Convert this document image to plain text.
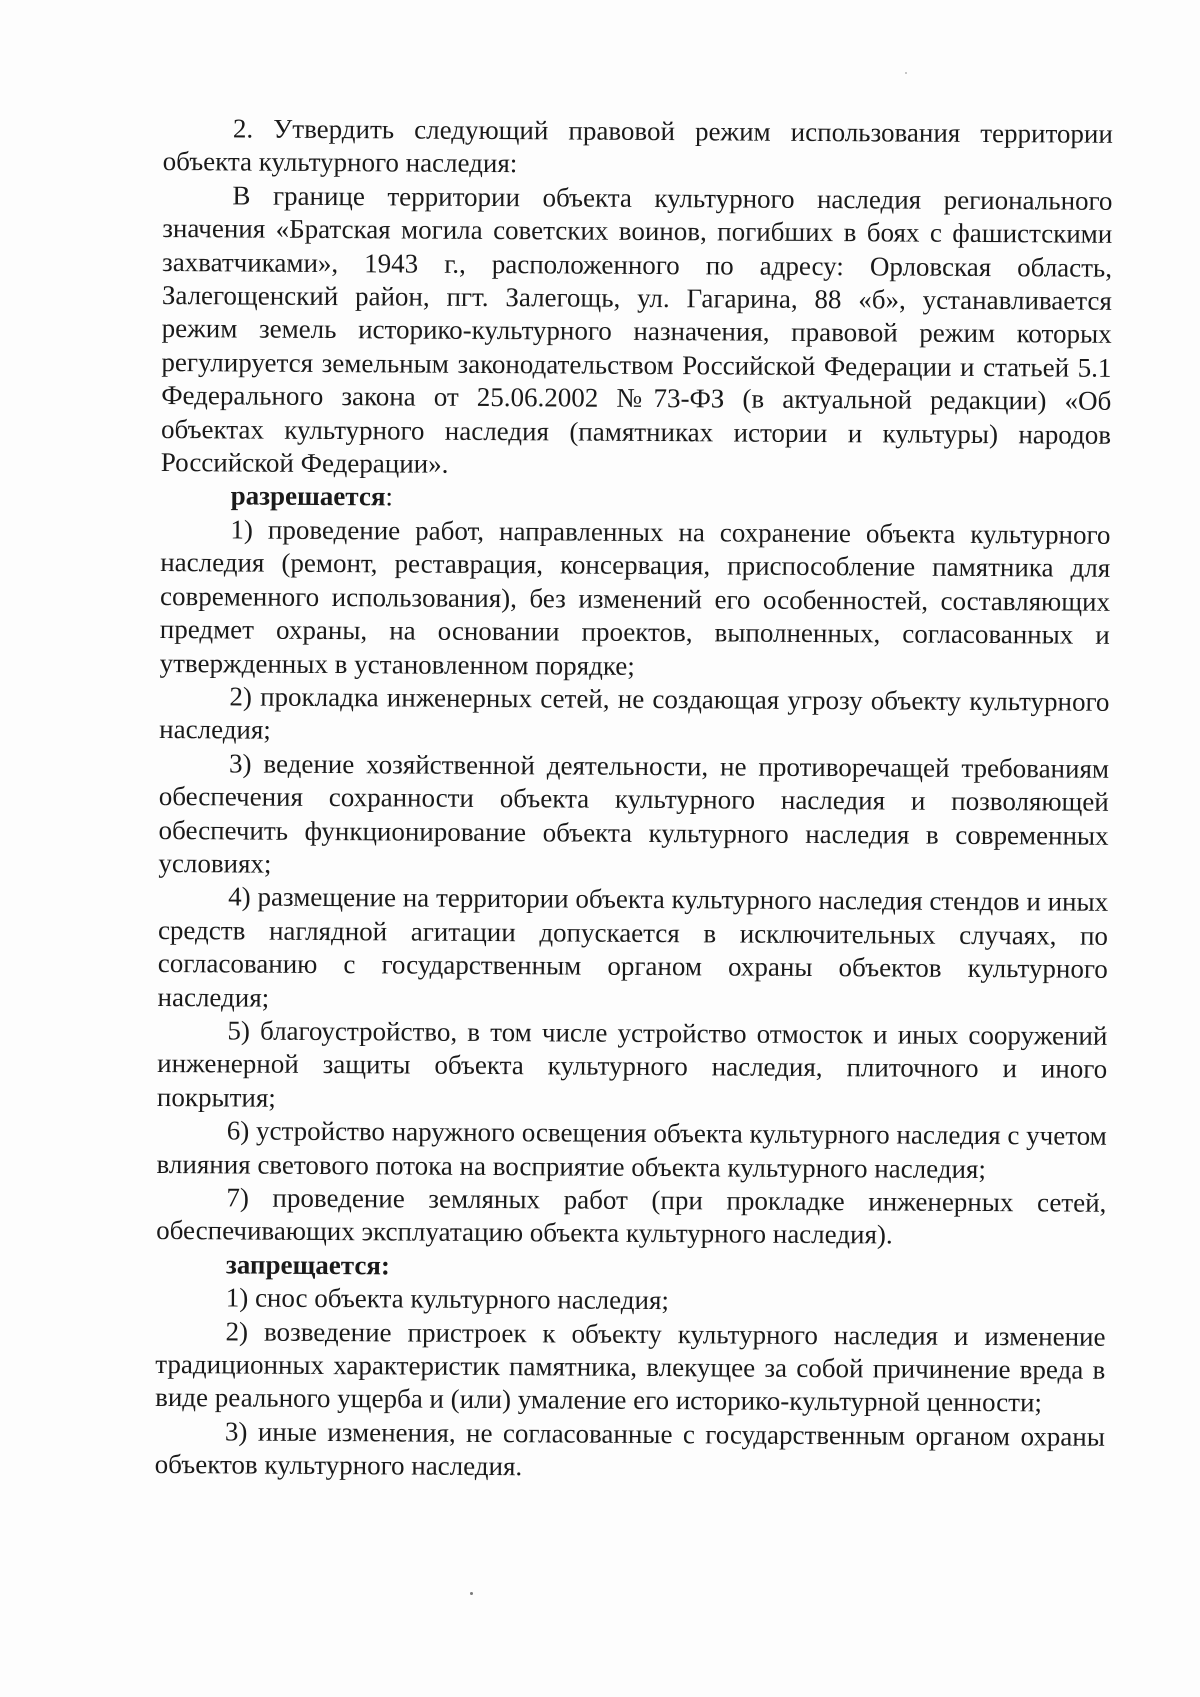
2. Утвердить следующий правовой режим использования территории объекта культурного наследия:

В границе территории объекта культурного наследия регионального значения «Братская могила советских воинов, погибших в боях с фашистскими захватчиками», 1943 г., расположенного по адресу: Орловская область, Залегощенский район, пгт. Залегощь, ул. Гагарина, 88 «б», устанавливается режим земель историко-культурного назначения, правовой режим которых регулируется земельным законодательством Российской Федерации и статьей 5.1 Федерального закона от 25.06.2002 №73-ФЗ (в актуальной редакции) «Об объектах культурного наследия (памятниках истории и культуры) народов Российской Федерации».

разрешается:

1) проведение работ, направленных на сохранение объекта культурного наследия (ремонт, реставрация, консервация, приспособление памятника для современного использования), без изменений его особенностей, составляющих предмет охраны, на основании проектов, выполненных, согласованных и утвержденных в установленном порядке;

2) прокладка инженерных сетей, не создающая угрозу объекту культурного наследия;

3) ведение хозяйственной деятельности, не противоречащей требованиям обеспечения сохранности объекта культурного наследия и позволяющей обеспечить функционирование объекта культурного наследия в современных условиях;

4) размещение на территории объекта культурного наследия стендов и иных средств наглядной агитации допускается в исключительных случаях, по согласованию с государственным органом охраны объектов культурного наследия;

5) благоустройство, в том числе устройство отмосток и иных сооружений инженерной защиты объекта культурного наследия, плиточного и иного покрытия;

6) устройство наружного освещения объекта культурного наследия с учетом влияния светового потока на восприятие объекта культурного наследия;

7) проведение земляных работ (при прокладке инженерных сетей, обеспечивающих эксплуатацию объекта культурного наследия).

запрещается:

1) снос объекта культурного наследия;

2) возведение пристроек к объекту культурного наследия и изменение традиционных характеристик памятника, влекущее за собой причинение вреда в виде реального ущерба и (или) умаление его историко-культурной ценности;

3) иные изменения, не согласованные с государственным органом охраны объектов культурного наследия.
